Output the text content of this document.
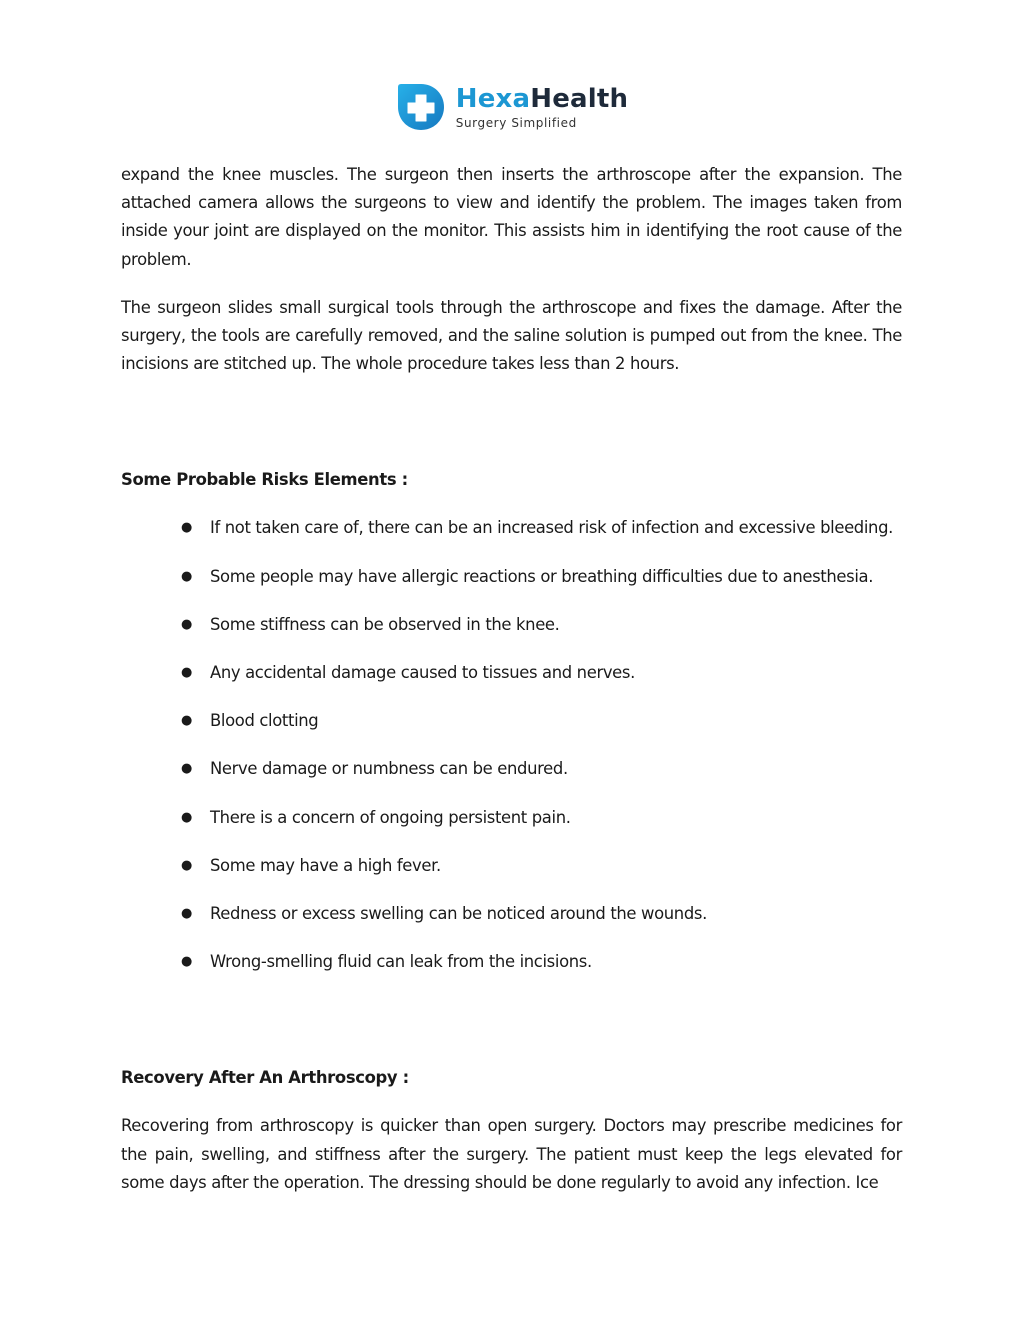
HexaHealth
Surgery Simplified

expand the knee muscles. The surgeon then inserts the arthroscope after the expansion. The attached camera allows the surgeons to view and identify the problem. The images taken from inside your joint are displayed on the monitor. This assists him in identifying the root cause of the problem.

The surgeon slides small surgical tools through the arthroscope and fixes the damage. After the surgery, the tools are carefully removed, and the saline solution is pumped out from the knee. The incisions are stitched up. The whole procedure takes less than 2 hours.

Some Probable Risks Elements :
● If not taken care of, there can be an increased risk of infection and excessive bleeding.
● Some people may have allergic reactions or breathing difficulties due to anesthesia.
● Some stiffness can be observed in the knee.
● Any accidental damage caused to tissues and nerves.
● Blood clotting
● Nerve damage or numbness can be endured.
● There is a concern of ongoing persistent pain.
● Some may have a high fever.
● Redness or excess swelling can be noticed around the wounds.
● Wrong-smelling fluid can leak from the incisions.
Recovery After An Arthroscopy :

Recovering from arthroscopy is quicker than open surgery. Doctors may prescribe medicines for the pain, swelling, and stiffness after the surgery. The patient must keep the legs elevated for some days after the operation. The dressing should be done regularly to avoid any infection. Ice
